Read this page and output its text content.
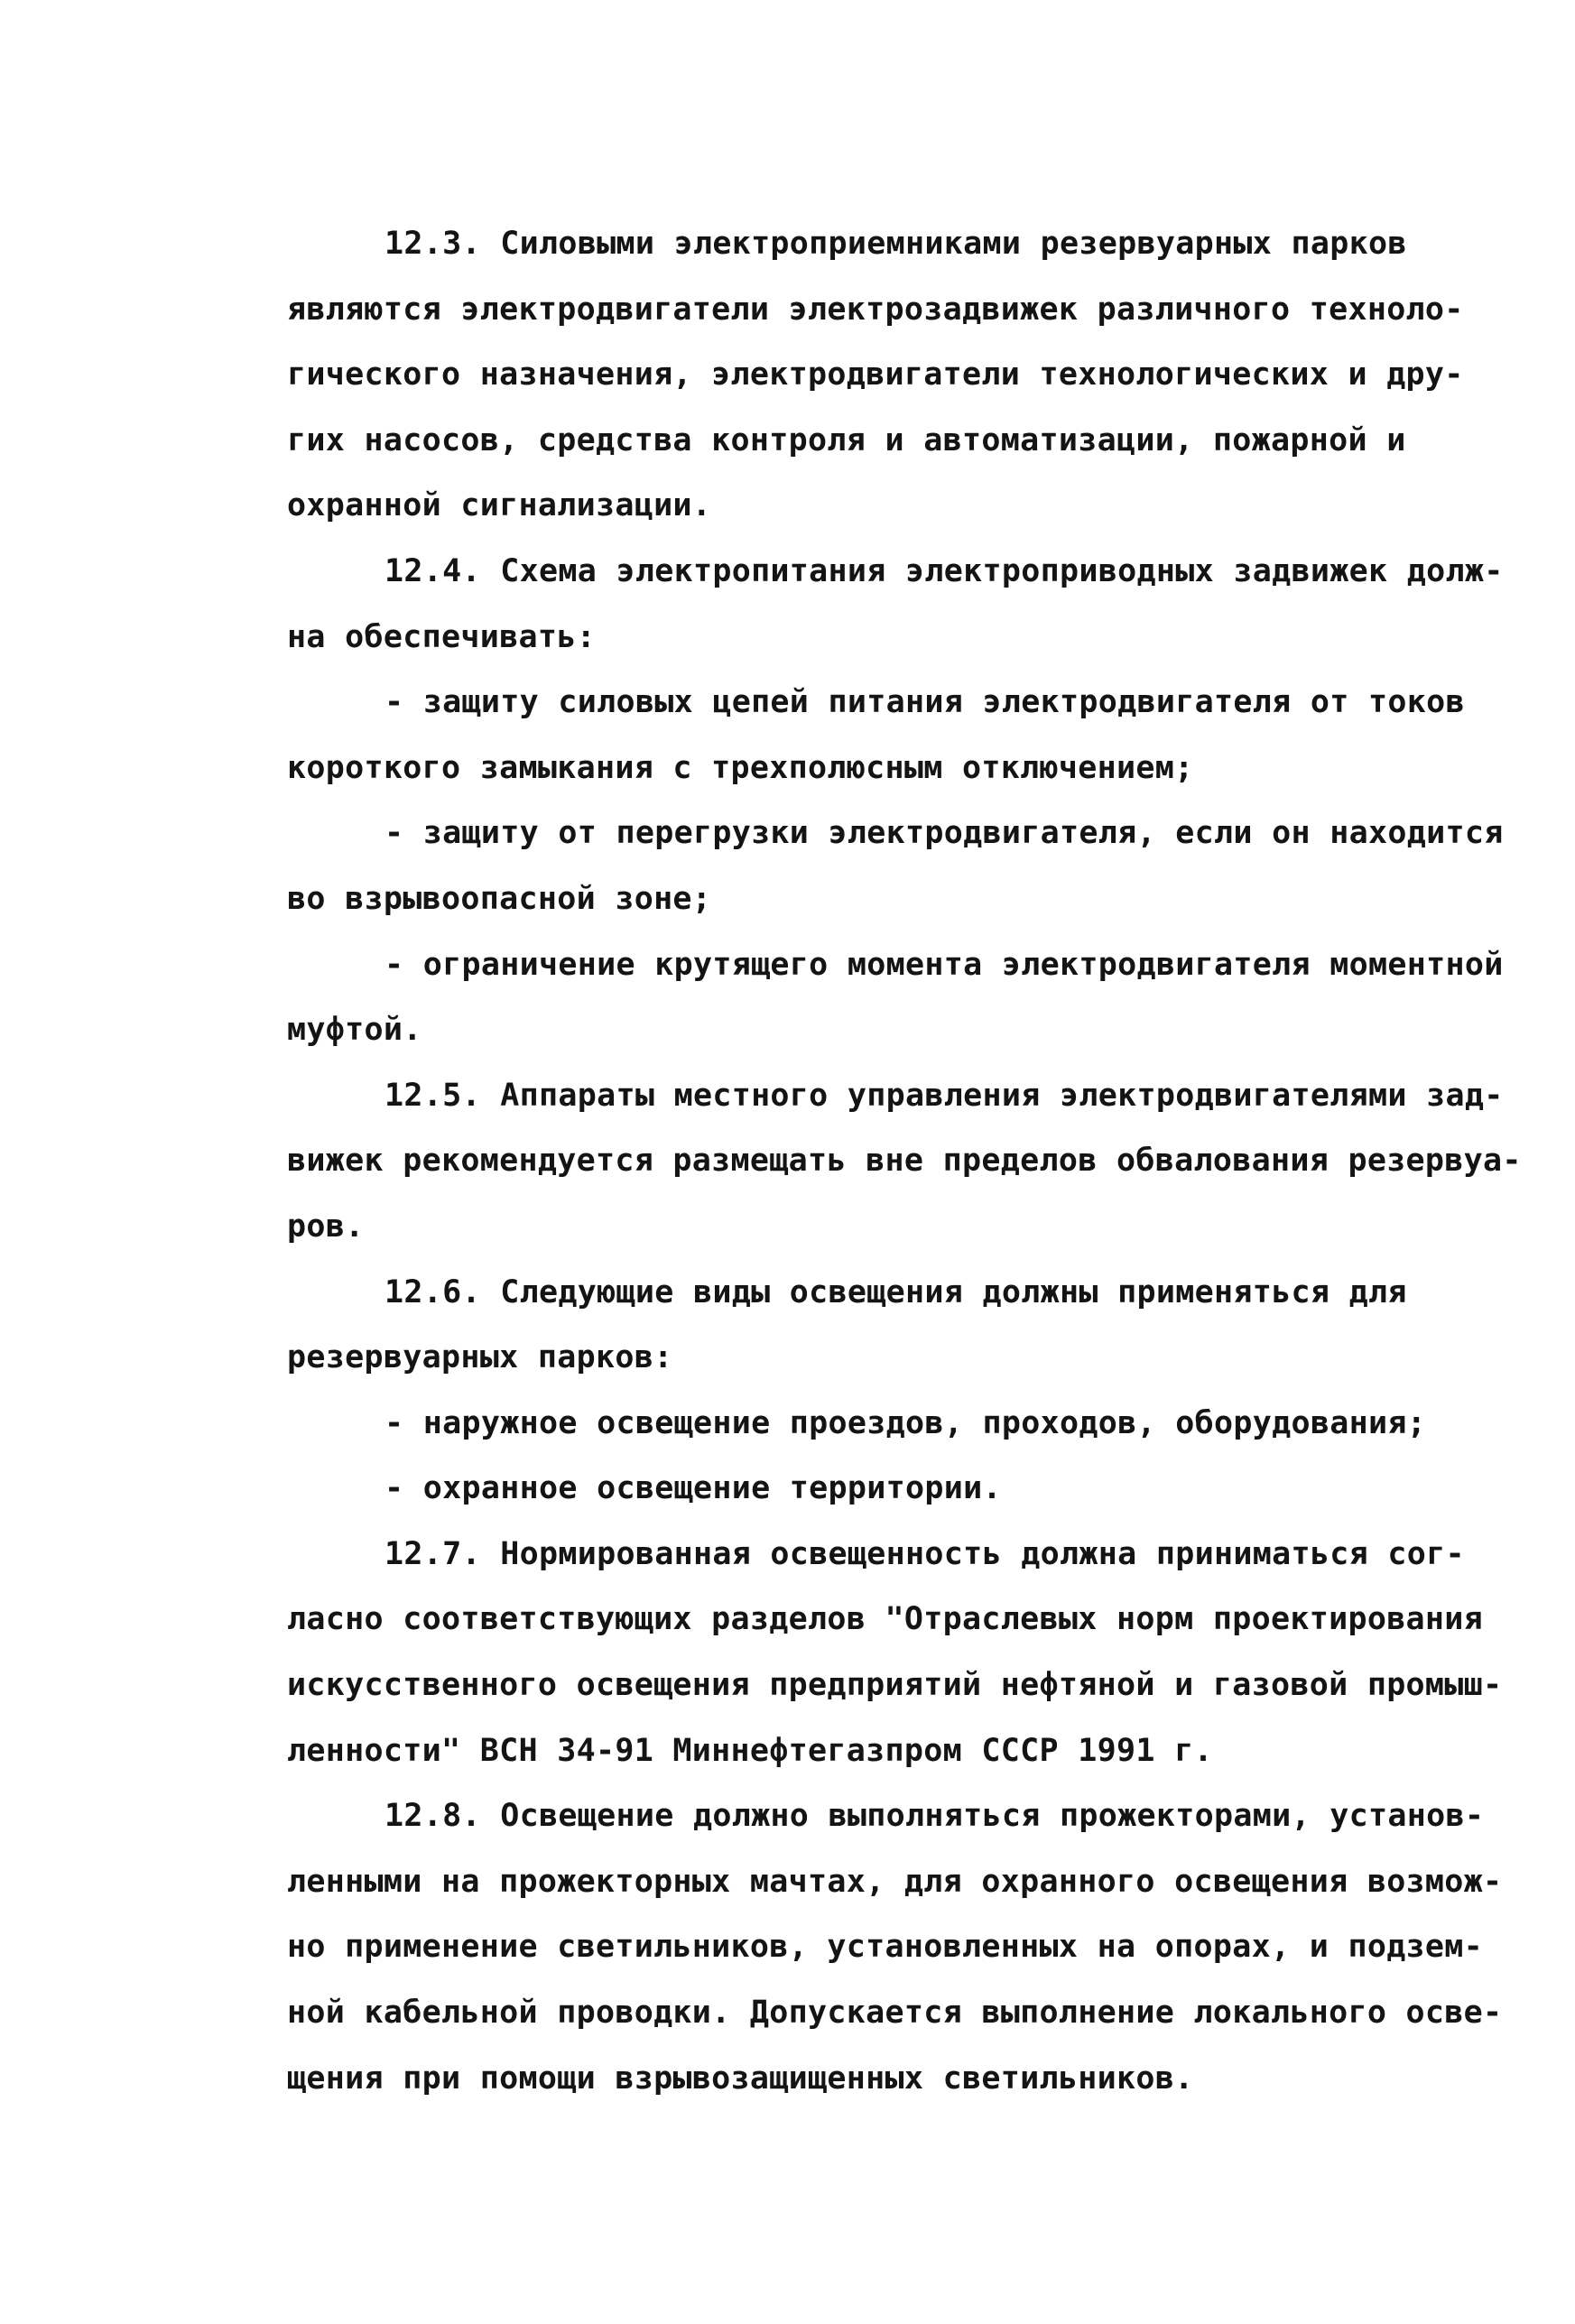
12.3. Силовыми электроприемниками резервуарных парков
являются электродвигатели электрозадвижек различного техноло-
гического назначения, электродвигатели технологических и дру-
гих насосов, средства контроля и автоматизации, пожарной и
охранной сигнализации.
12.4. Схема электропитания электроприводных задвижек долж-
на обеспечивать:
- защиту силовых цепей питания электродвигателя от токов
короткого замыкания с трехполюсным отключением;
- защиту от перегрузки электродвигателя, если он находится
во взрывоопасной зоне;
- ограничение крутящего момента электродвигателя моментной
муфтой.
12.5. Аппараты местного управления электродвигателями зад-
вижек рекомендуется размещать вне пределов обвалования резервуа-
ров.
12.6. Следующие виды освещения должны применяться для
резервуарных парков:
- наружное освещение проездов, проходов, оборудования;
- охранное освещение территории.
12.7. Нормированная освещенность должна приниматься сог-
ласно соответствующих разделов "Отраслевых норм проектирования
искусственного освещения предприятий нефтяной и газовой промыш-
ленности" ВСН 34-91 Миннефтегазпром СССР 1991 г.
12.8. Освещение должно выполняться прожекторами, установ-
ленными на прожекторных мачтах, для охранного освещения возмож-
но применение светильников, установленных на опорах, и подзем-
ной кабельной проводки. Допускается выполнение локального осве-
щения при помощи взрывозащищенных светильников.
